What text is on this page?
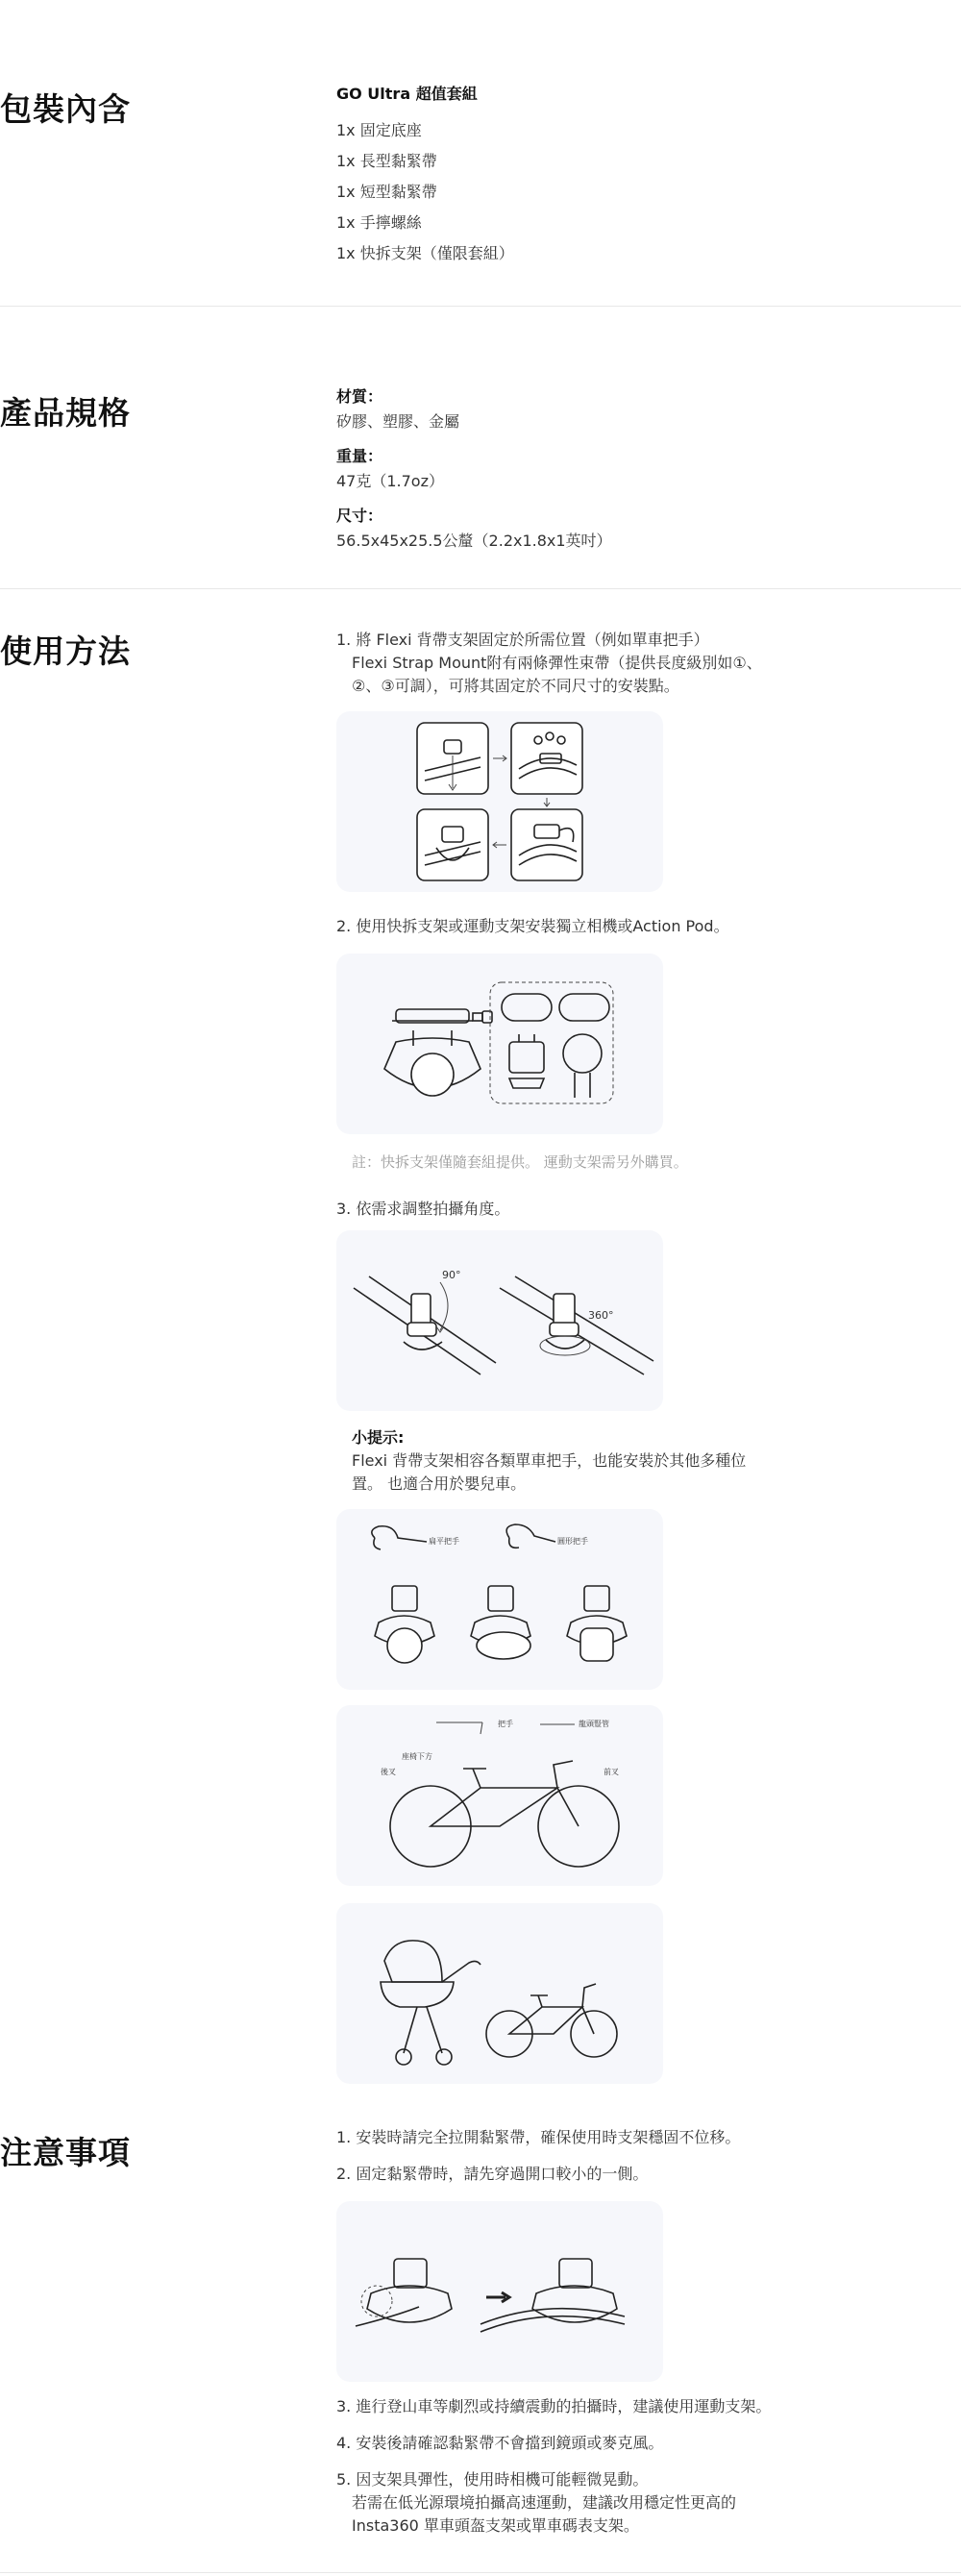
包裝內含	GO Ultra 超值套組
1x 固定底座
1x 長型黏緊帶
1x 短型黏緊帶
1x 手擰螺絲
1x 快拆支架（僅限套組）
產品規格	材質：
矽膠、塑膠、金屬
重量：
47克（1.7oz）
尺寸：
56.5x45x25.5公釐（2.2x1.8x1英吋）
使用方法	1. 將 Flexi 背帶支架固定於所需位置（例如單車把手）
Flexi Strap Mount附有兩條彈性束帶（提供長度級別如①、
②、③可調），可將其固定於不同尺寸的安裝點。
2. 使用快拆支架或運動支架安裝獨立相機或Action Pod。
註：快拆支架僅隨套組提供。 運動支架需另外購買。
3. 依需求調整拍攝角度。
90°
360°
小提示:
Flexi 背帶支架相容各類單車把手，也能安裝於其他多種位
置。 也適合用於嬰兒車。
扁平把手	圓形把手
把手	龍頭豎管
座椅下方
後叉	前叉
注意事項	1. 安裝時請完全拉開黏緊帶，確保使用時支架穩固不位移。
2. 固定黏緊帶時，請先穿過開口較小的一側。
3. 進行登山車等劇烈或持續震動的拍攝時，建議使用運動支架。
4. 安裝後請確認黏緊帶不會擋到鏡頭或麥克風。
5. 因支架具彈性，使用時相機可能輕微晃動。
若需在低光源環境拍攝高速運動，建議改用穩定性更高的
Insta360 單車頭盔支架或單車碼表支架。
